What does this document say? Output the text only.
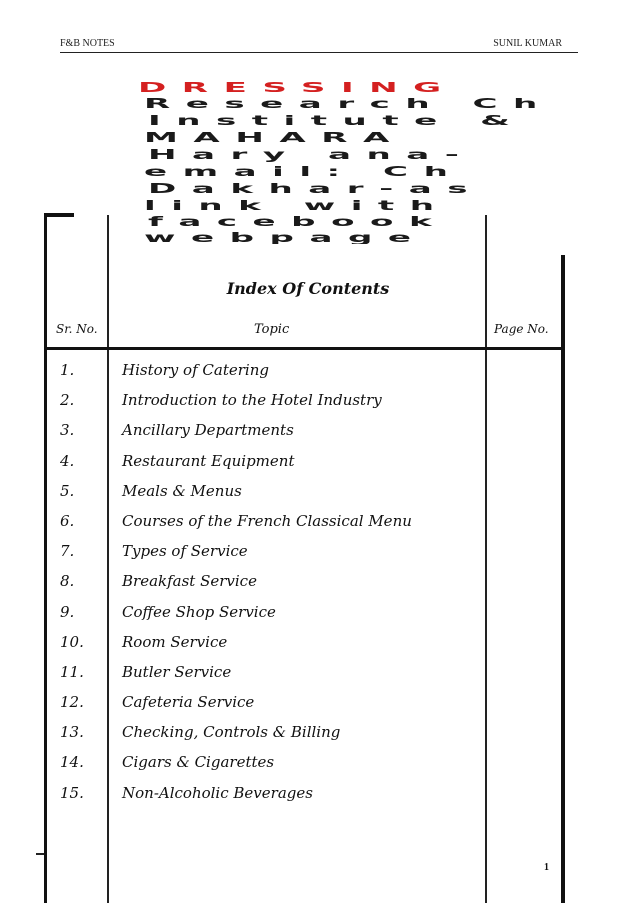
F&B NOTES	SUNIL KUMAR
DRESSING
Research Ch
Institute &
MAHARA
Hary ana-
email: Ch
Dakhar-as
link with
facebook
webpage
Index Of Contents
Sr. No.	Topic	Page No.
1.	History of Catering
2.	Introduction to the Hotel Industry
3.	Ancillary Departments
4.	Restaurant Equipment
5.	Meals & Menus
6.	Courses of the French Classical Menu
7.	Types of Service
8.	Breakfast Service
9.	Coffee Shop Service
10.	Room Service
11.	Butler Service
12.	Cafeteria Service
13.	Checking, Controls & Billing
14.	Cigars & Cigarettes
15.	Non-Alcoholic Beverages
1
